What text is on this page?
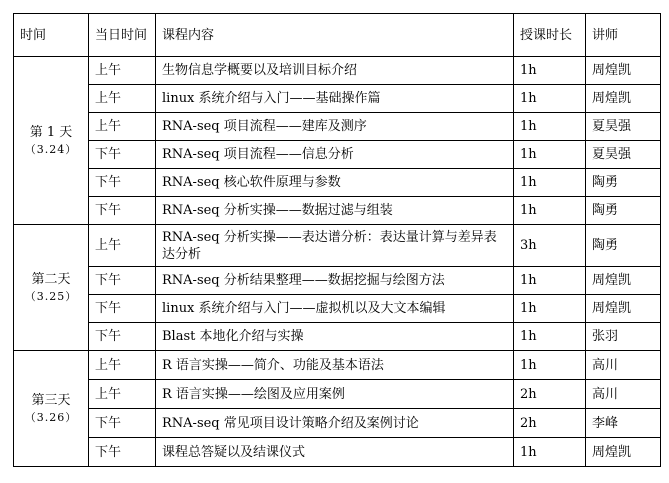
时间	当日时间	课程内容	授课时长	讲师

第 1 天
（3.24）	上午	生物信息学概要以及培训目标介绍	1h	周煌凯
	上午	linux 系统介绍与入门——基础操作篇	1h	周煌凯
	上午	RNA-seq 项目流程——建库及测序	1h	夏昊强
	下午	RNA-seq 项目流程——信息分析	1h	夏昊强
	下午	RNA-seq 核心软件原理与参数	1h	陶勇
	下午	RNA-seq 分析实操——数据过滤与组装	1h	陶勇

第二天
（3.25）	上午	RNA-seq 分析实操——表达谱分析：表达量计算与差异表达分析	3h	陶勇
	下午	RNA-seq 分析结果整理——数据挖掘与绘图方法	1h	周煌凯
	下午	linux 系统介绍与入门——虚拟机以及大文本编辑	1h	周煌凯
	下午	Blast 本地化介绍与实操	1h	张羽

第三天
（3.26）	上午	R 语言实操——简介、功能及基本语法	1h	高川
	上午	R 语言实操——绘图及应用案例	2h	高川
	下午	RNA-seq 常见项目设计策略介绍及案例讨论	2h	李峰
	下午	课程总答疑以及结课仪式	1h	周煌凯
